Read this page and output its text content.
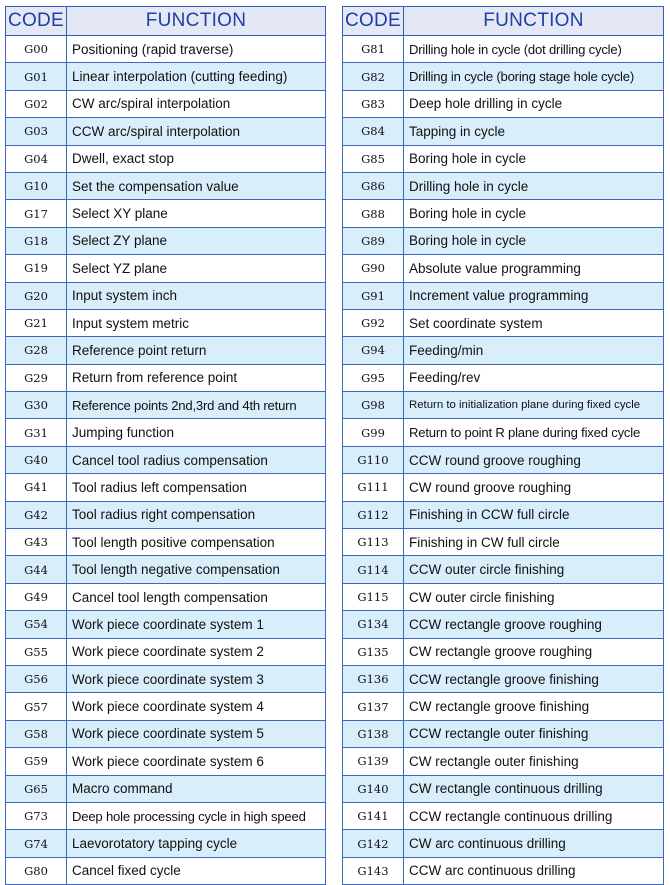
CODE	FUNCTION
G00	Positioning (rapid traverse)
G01	Linear interpolation (cutting feeding)
G02	CW arc/spiral interpolation
G03	CCW arc/spiral interpolation
G04	Dwell, exact stop
G10	Set the compensation value
G17	Select XY plane
G18	Select ZY plane
G19	Select YZ plane
G20	Input system inch
G21	Input system metric
G28	Reference point return
G29	Return from reference point
G30	Reference points 2nd,3rd and 4th return
G31	Jumping function
G40	Cancel tool radius compensation
G41	Tool radius left compensation
G42	Tool radius right compensation
G43	Tool length positive compensation
G44	Tool length negative compensation
G49	Cancel tool length compensation
G54	Work piece coordinate system 1
G55	Work piece coordinate system 2
G56	Work piece coordinate system 3
G57	Work piece coordinate system 4
G58	Work piece coordinate system 5
G59	Work piece coordinate system 6
G65	Macro command
G73	Deep hole processing cycle in high speed
G74	Laevorotatory tapping cycle
G80	Cancel fixed cycle
CODE	FUNCTION
G81	Drilling hole in cycle (dot drilling cycle)
G82	Drilling in cycle (boring stage hole cycle)
G83	Deep hole drilling in cycle
G84	Tapping in cycle
G85	Boring hole in cycle
G86	Drilling hole in cycle
G88	Boring hole in cycle
G89	Boring hole in cycle
G90	Absolute value programming
G91	Increment value programming
G92	Set coordinate system
G94	Feeding/min
G95	Feeding/rev
G98	Return to initialization plane during fixed cycle
G99	Return to point R plane during fixed cycle
G110	CCW round groove roughing
G111	CW round groove roughing
G112	Finishing in CCW full circle
G113	Finishing in CW full circle
G114	CCW outer circle finishing
G115	CW outer circle finishing
G134	CCW rectangle groove roughing
G135	CW rectangle groove roughing
G136	CCW rectangle groove finishing
G137	CW rectangle groove finishing
G138	CCW rectangle outer finishing
G139	CW rectangle outer finishing
G140	CW rectangle continuous drilling
G141	CCW rectangle continuous drilling
G142	CW arc continuous drilling
G143	CCW arc continuous drilling
